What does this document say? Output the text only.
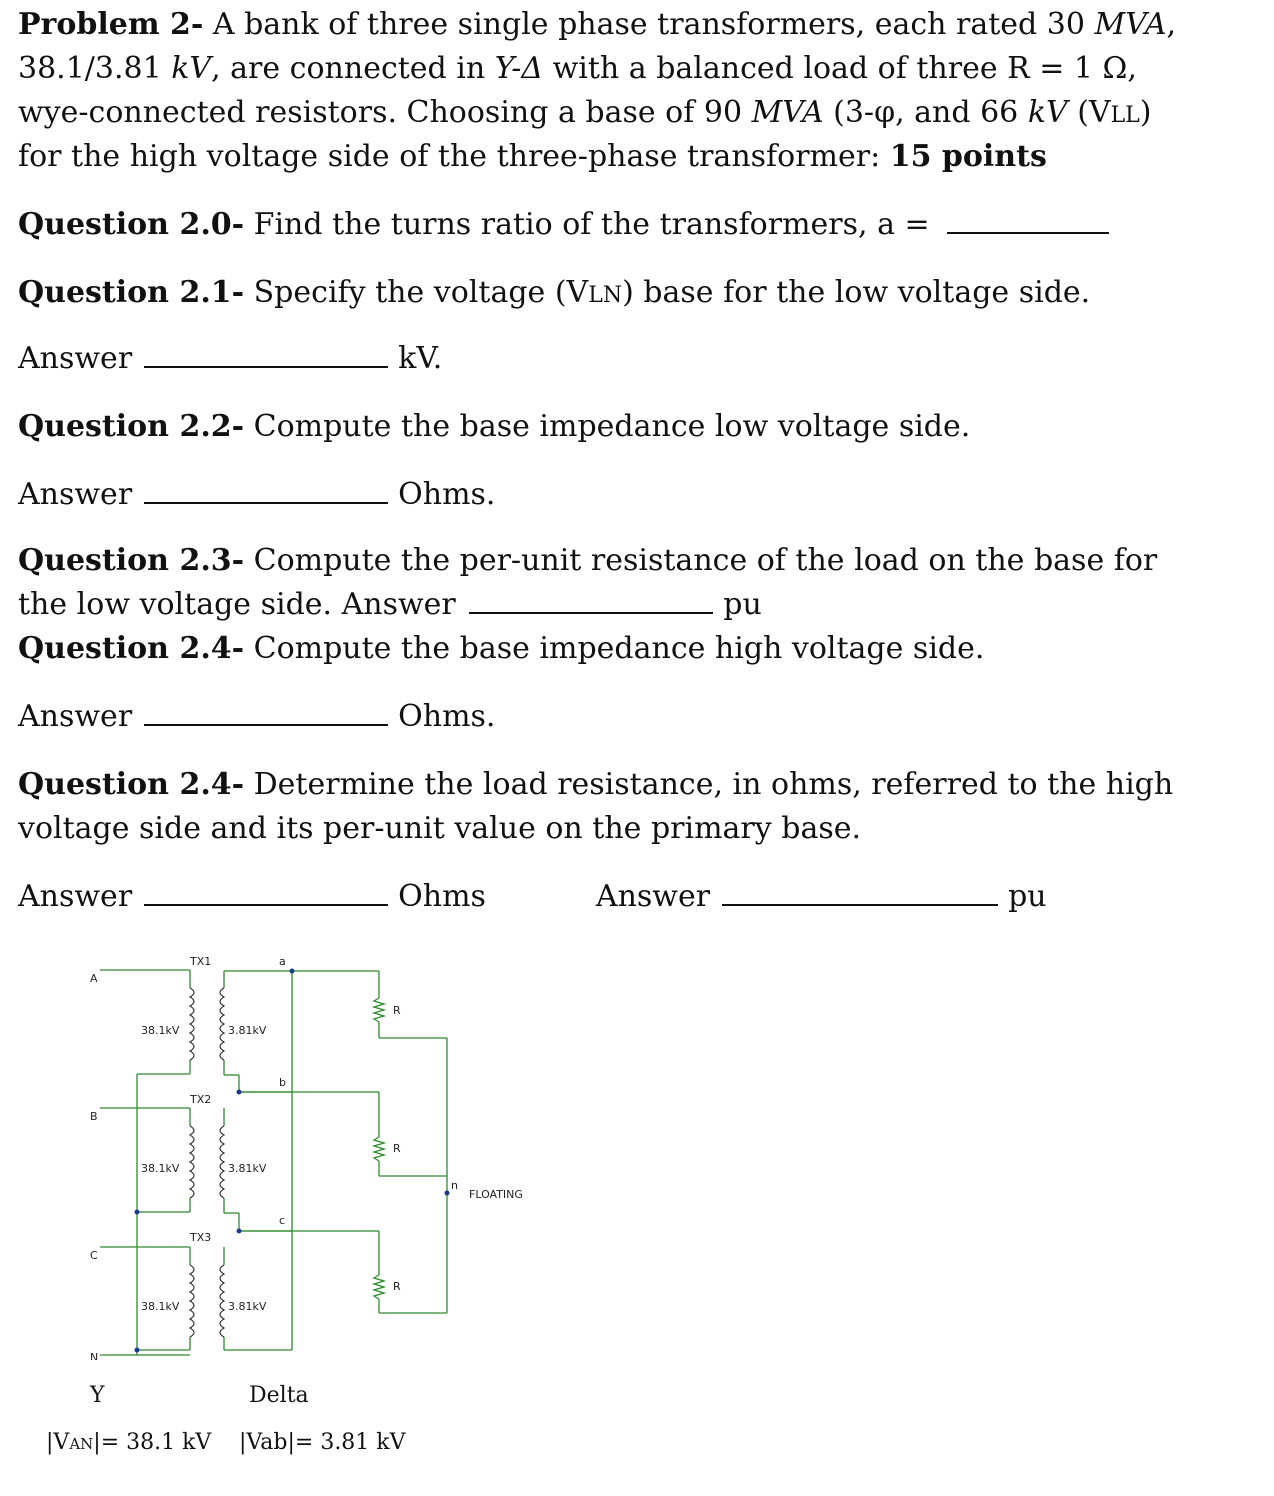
Problem 2- A bank of three single phase transformers, each rated 30 MVA,
38.1/3.81 kV, are connected in Y-Δ with a balanced load of three R = 1 Ω,
wye-connected resistors. Choosing a base of 90 MVA (3-φ, and 66 kV (VLL)
for the high voltage side of the three-phase transformer: 15 points
Question 2.0- Find the turns ratio of the transformers, a =
Question 2.1- Specify the voltage (VLN) base for the low voltage side.
Answer	kV.
Question 2.2- Compute the base impedance low voltage side.
Answer	Ohms.
Question 2.3- Compute the per-unit resistance of the load on the base for
the low voltage side. Answer	pu
Question 2.4- Compute the base impedance high voltage side.
Answer	Ohms.
Question 2.4- Determine the load resistance, in ohms, referred to the high
voltage side and its per-unit value on the primary base.
Answer	Ohms	Answer	pu
TX1
TX2
TX3
38.1kV
38.1kV
38.1kV
3.81kV
3.81kV
3.81kV
A
B
C
N
a
b
c
R
R
R
n
FLOATING
Y	Delta
|VAN|= 38.1 kV |Vab|= 3.81 kV
